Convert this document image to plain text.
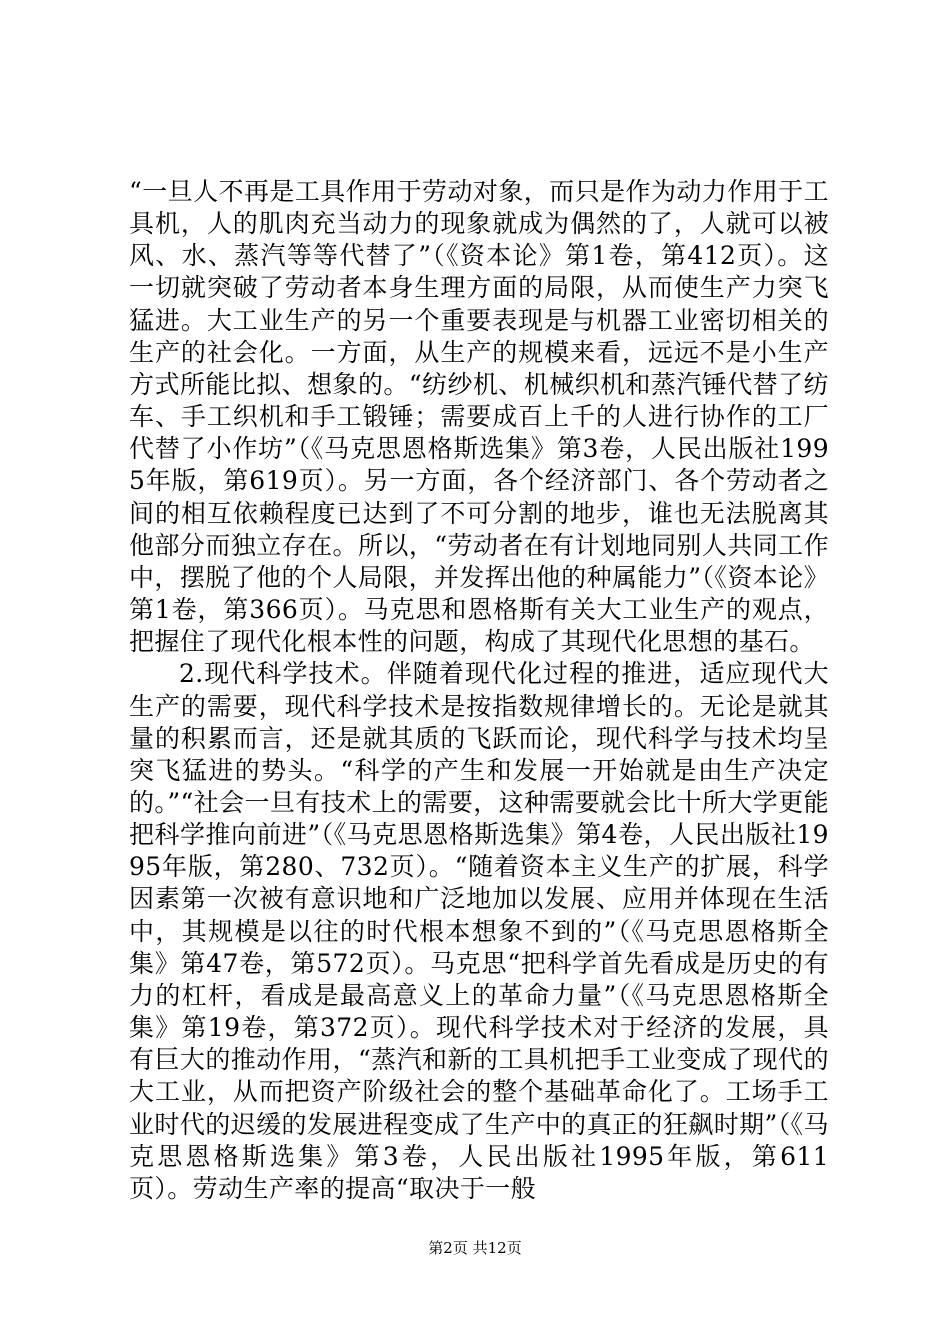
“一旦人不再是工具作用于劳动对象，而只是作为动力作用于工具机，人的肌肉充当动力的现象就成为偶然的了，人就可以被风、水、蒸汽等等代替了”（《资本论》第1卷，第412页）。这一切就突破了劳动者本身生理方面的局限，从而使生产力突飞猛进。大工业生产的另一个重要表现是与机器工业密切相关的生产的社会化。一方面，从生产的规模来看，远远不是小生产方式所能比拟、想象的。“纺纱机、机械织机和蒸汽锤代替了纺车、手工织机和手工锻锤；需要成百上千的人进行协作的工厂代替了小作坊”（《马克思恩格斯选集》第3卷，人民出版社1995年版，第619页）。另一方面，各个经济部门、各个劳动者之间的相互依赖程度已达到了不可分割的地步，谁也无法脱离其他部分而独立存在。所以，“劳动者在有计划地同别人共同工作中，摆脱了他的个人局限，并发挥出他的种属能力”（《资本论》第1卷，第366页）。马克思和恩格斯有关大工业生产的观点，把握住了现代化根本性的问题，构成了其现代化思想的基石。

2.现代科学技术。伴随着现代化过程的推进，适应现代大生产的需要，现代科学技术是按指数规律增长的。无论是就其量的积累而言，还是就其质的飞跃而论，现代科学与技术均呈突飞猛进的势头。“科学的产生和发展一开始就是由生产决定的。”“社会一旦有技术上的需要，这种需要就会比十所大学更能把科学推向前进”（《马克思恩格斯选集》第4卷，人民出版社1995年版，第280、732页）。“随着资本主义生产的扩展，科学因素第一次被有意识地和广泛地加以发展、应用并体现在生活中，其规模是以往的时代根本想象不到的”（《马克思恩格斯全集》第47卷，第572页）。马克思“把科学首先看成是历史的有力的杠杆，看成是最高意义上的革命力量”（《马克思恩格斯全集》第19卷，第372页）。现代科学技术对于经济的发展，具有巨大的推动作用，“蒸汽和新的工具机把手工业变成了现代的大工业，从而把资产阶级社会的整个基础革命化了。工场手工业时代的迟缓的发展进程变成了生产中的真正的狂飙时期”（《马克思恩格斯选集》第3卷，人民出版社1995年版，第611页）。劳动生产率的提高“取决于一般

第2页 共12页
